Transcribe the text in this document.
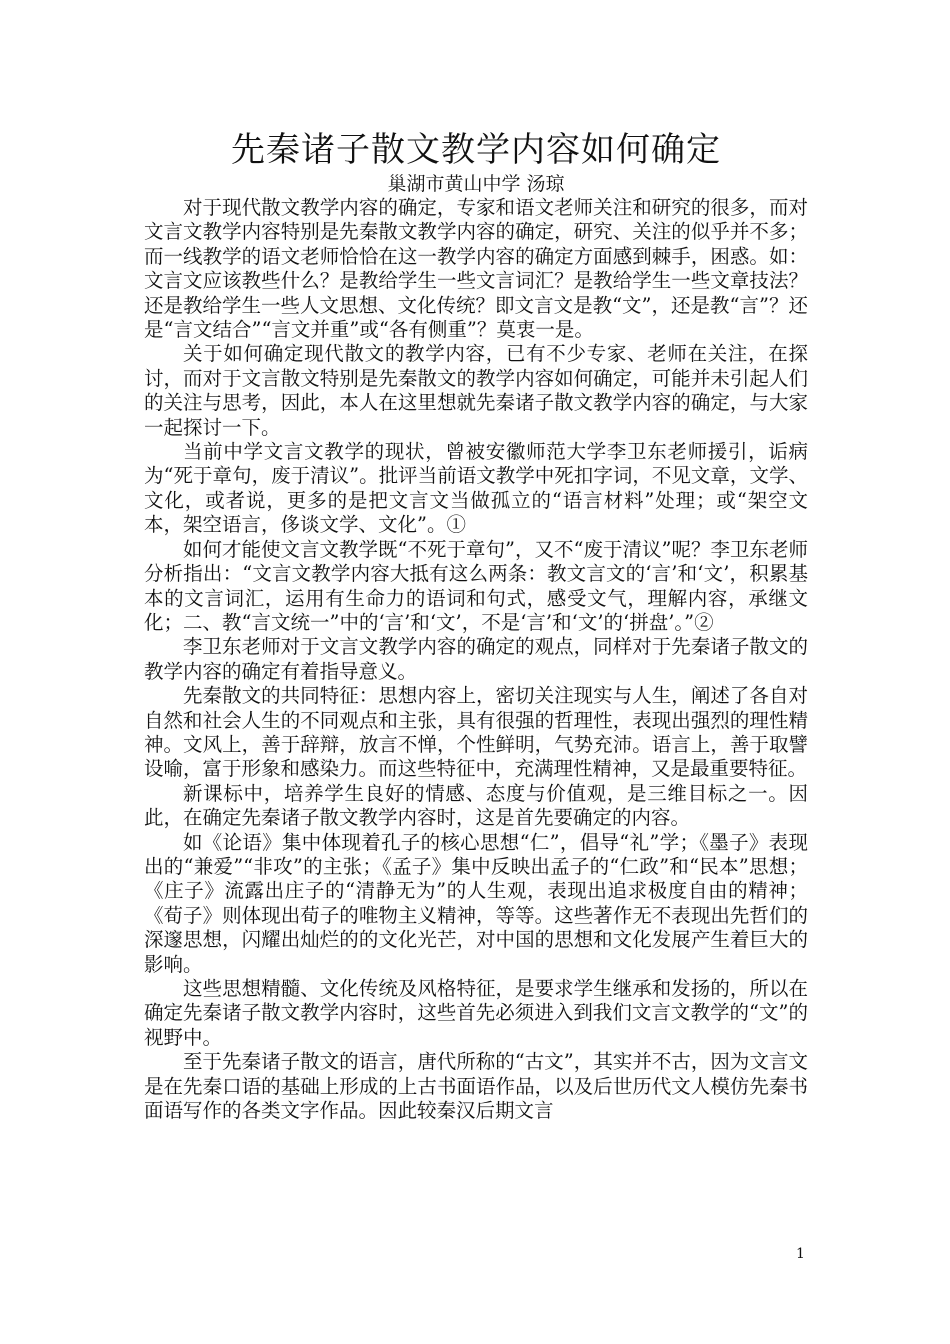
先秦诸子散文教学内容如何确定

巢湖市黄山中学 汤琼

对于现代散文教学内容的确定，专家和语文老师关注和研究的很多，而对文言文教学内容特别是先秦散文教学内容的确定，研究、关注的似乎并不多；而一线教学的语文老师恰恰在这一教学内容的确定方面感到棘手，困惑。如：文言文应该教些什么？是教给学生一些文言词汇？是教给学生一些文章技法？还是教给学生一些人文思想、文化传统？即文言文是教“文”，还是教“言”？还是“言文结合”“言文并重”或“各有侧重”？莫衷一是。

关于如何确定现代散文的教学内容，已有不少专家、老师在关注，在探讨，而对于文言散文特别是先秦散文的教学内容如何确定，可能并未引起人们的关注与思考，因此，本人在这里想就先秦诸子散文教学内容的确定，与大家一起探讨一下。

当前中学文言文教学的现状，曾被安徽师范大学李卫东老师援引，诟病为“死于章句，废于清议”。批评当前语文教学中死扣字词，不见文章，文学、文化，或者说，更多的是把文言文当做孤立的“语言材料”处理；或“架空文本，架空语言，侈谈文学、文化”。①

如何才能使文言文教学既“不死于章句”，又不“废于清议”呢？李卫东老师分析指出：“文言文教学内容大抵有这么两条：教文言文的‘言’和‘文’，积累基本的文言词汇，运用有生命力的语词和句式，感受文气，理解内容，承继文化；二、教“言文统一”中的‘言’和‘文’，不是‘言’和‘文’的‘拼盘’。”②

李卫东老师对于文言文教学内容的确定的观点，同样对于先秦诸子散文的教学内容的确定有着指导意义。

先秦散文的共同特征：思想内容上，密切关注现实与人生，阐述了各自对自然和社会人生的不同观点和主张，具有很强的哲理性，表现出强烈的理性精神。文风上，善于辞辩，放言不惮，个性鲜明，气势充沛。语言上，善于取譬设喻，富于形象和感染力。而这些特征中，充满理性精神，又是最重要特征。

新课标中，培养学生良好的情感、态度与价值观，是三维目标之一。因此，在确定先秦诸子散文教学内容时，这是首先要确定的内容。

如《论语》集中体现着孔子的核心思想“仁”，倡导“礼”学；《墨子》表现出的“兼爱”“非攻”的主张；《孟子》集中反映出孟子的“仁政”和“民本”思想；《庄子》流露出庄子的“清静无为”的人生观，表现出追求极度自由的精神；《荀子》则体现出荀子的唯物主义精神，等等。这些著作无不表现出先哲们的深邃思想，闪耀出灿烂的的文化光芒，对中国的思想和文化发展产生着巨大的影响。

这些思想精髓、文化传统及风格特征，是要求学生继承和发扬的，所以在确定先秦诸子散文教学内容时，这些首先必须进入到我们文言文教学的“文”的视野中。

至于先秦诸子散文的语言，唐代所称的“古文”，其实并不古，因为文言文是在先秦口语的基础上形成的上古书面语作品，以及后世历代文人模仿先秦书面语写作的各类文字作品。因此较秦汉后期文言

1
